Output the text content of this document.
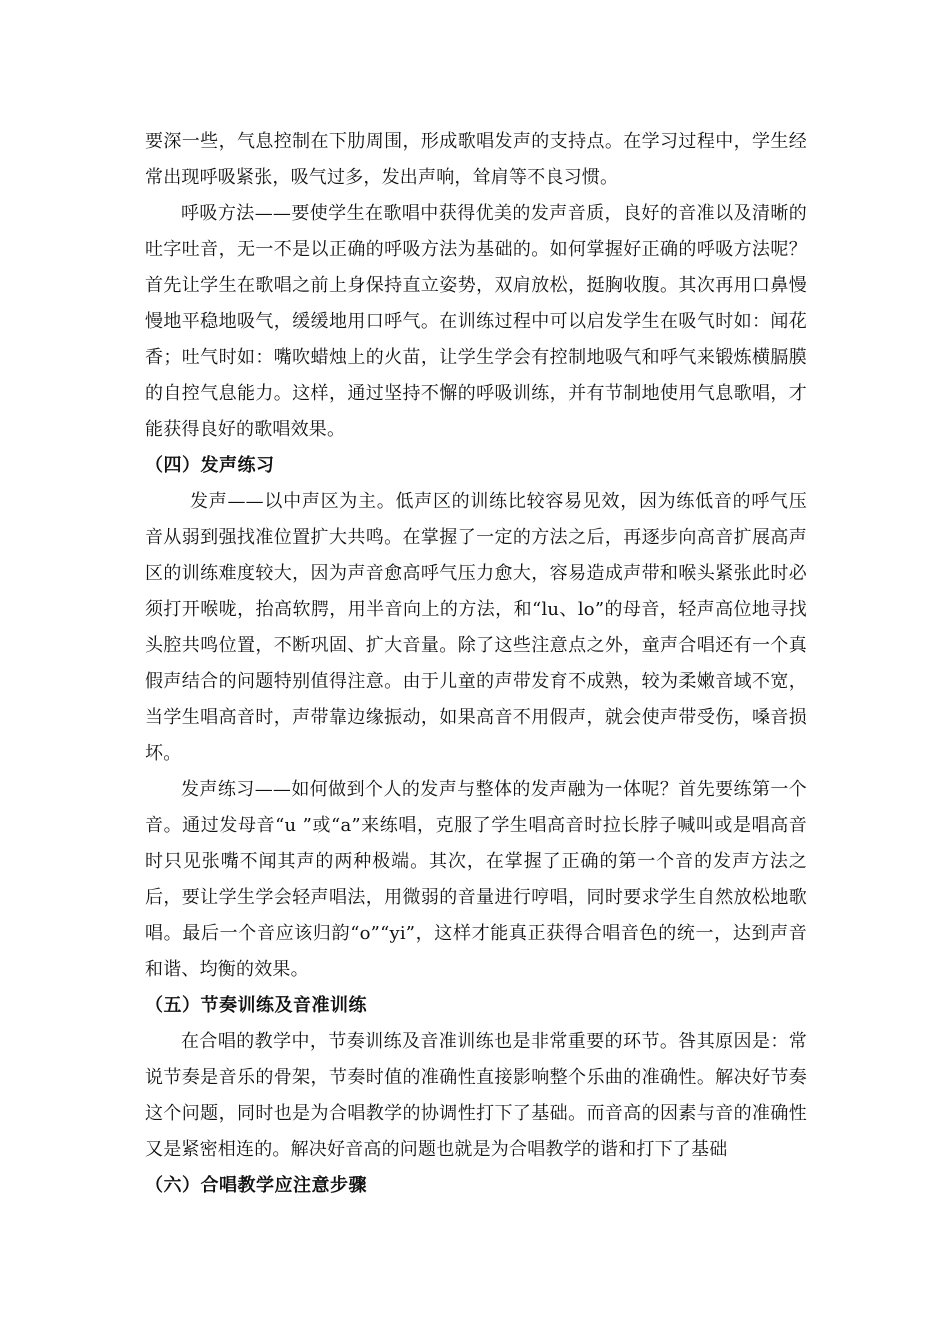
要深一些，气息控制在下肋周围，形成歌唱发声的支持点。在学习过程中，学生经常出现呼吸紧张，吸气过多，发出声响，耸肩等不良习惯。

呼吸方法——要使学生在歌唱中获得优美的发声音质，良好的音准以及清晰的吐字吐音，无一不是以正确的呼吸方法为基础的。如何掌握好正确的呼吸方法呢？首先让学生在歌唱之前上身保持直立姿势，双肩放松，挺胸收腹。其次再用口鼻慢慢地平稳地吸气，缓缓地用口呼气。在训练过程中可以启发学生在吸气时如：闻花香；吐气时如：嘴吹蜡烛上的火苗，让学生学会有控制地吸气和呼气来锻炼横膈膜的自控气息能力。这样，通过坚持不懈的呼吸训练，并有节制地使用气息歌唱，才能获得良好的歌唱效果。

（四）发声练习

发声——以中声区为主。低声区的训练比较容易见效，因为练低音的呼气压音从弱到强找准位置扩大共鸣。在掌握了一定的方法之后，再逐步向高音扩展高声区的训练难度较大，因为声音愈高呼气压力愈大，容易造成声带和喉头紧张此时必须打开喉咙，抬高软腭，用半音向上的方法，和“lu、lo”的母音，轻声高位地寻找头腔共鸣位置，不断巩固、扩大音量。除了这些注意点之外，童声合唱还有一个真假声结合的问题特别值得注意。由于儿童的声带发育不成熟，较为柔嫩音域不宽，当学生唱高音时，声带靠边缘振动，如果高音不用假声，就会使声带受伤，嗓音损坏。

发声练习——如何做到个人的发声与整体的发声融为一体呢？首先要练第一个音。通过发母音“u ”或“a”来练唱，克服了学生唱高音时拉长脖子喊叫或是唱高音时只见张嘴不闻其声的两种极端。其次，在掌握了正确的第一个音的发声方法之后，要让学生学会轻声唱法，用微弱的音量进行哼唱，同时要求学生自然放松地歌唱。最后一个音应该归韵“o”“yi”，这样才能真正获得合唱音色的统一，达到声音和谐、均衡的效果。

（五）节奏训练及音准训练

在合唱的教学中，节奏训练及音准训练也是非常重要的环节。咎其原因是：常说节奏是音乐的骨架，节奏时值的准确性直接影响整个乐曲的准确性。解决好节奏这个问题，同时也是为合唱教学的协调性打下了基础。而音高的因素与音的准确性又是紧密相连的。解决好音高的问题也就是为合唱教学的谐和打下了基础

（六）合唱教学应注意步骤
